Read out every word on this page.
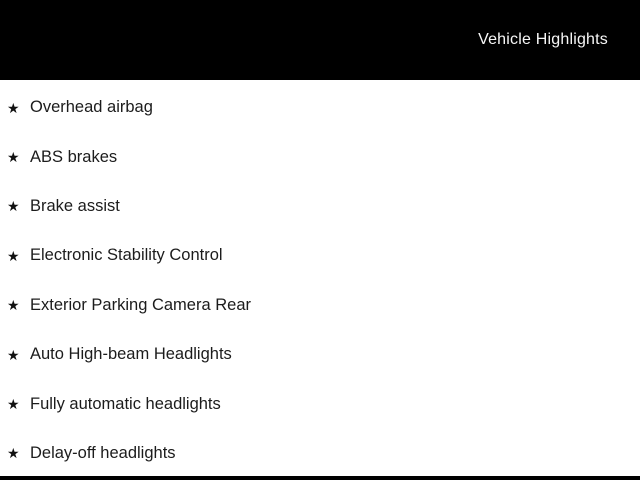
Vehicle Highlights
★ Overhead airbag
★ ABS brakes
★ Brake assist
★ Electronic Stability Control
★ Exterior Parking Camera Rear
★ Auto High-beam Headlights
★ Fully automatic headlights
★ Delay-off headlights
